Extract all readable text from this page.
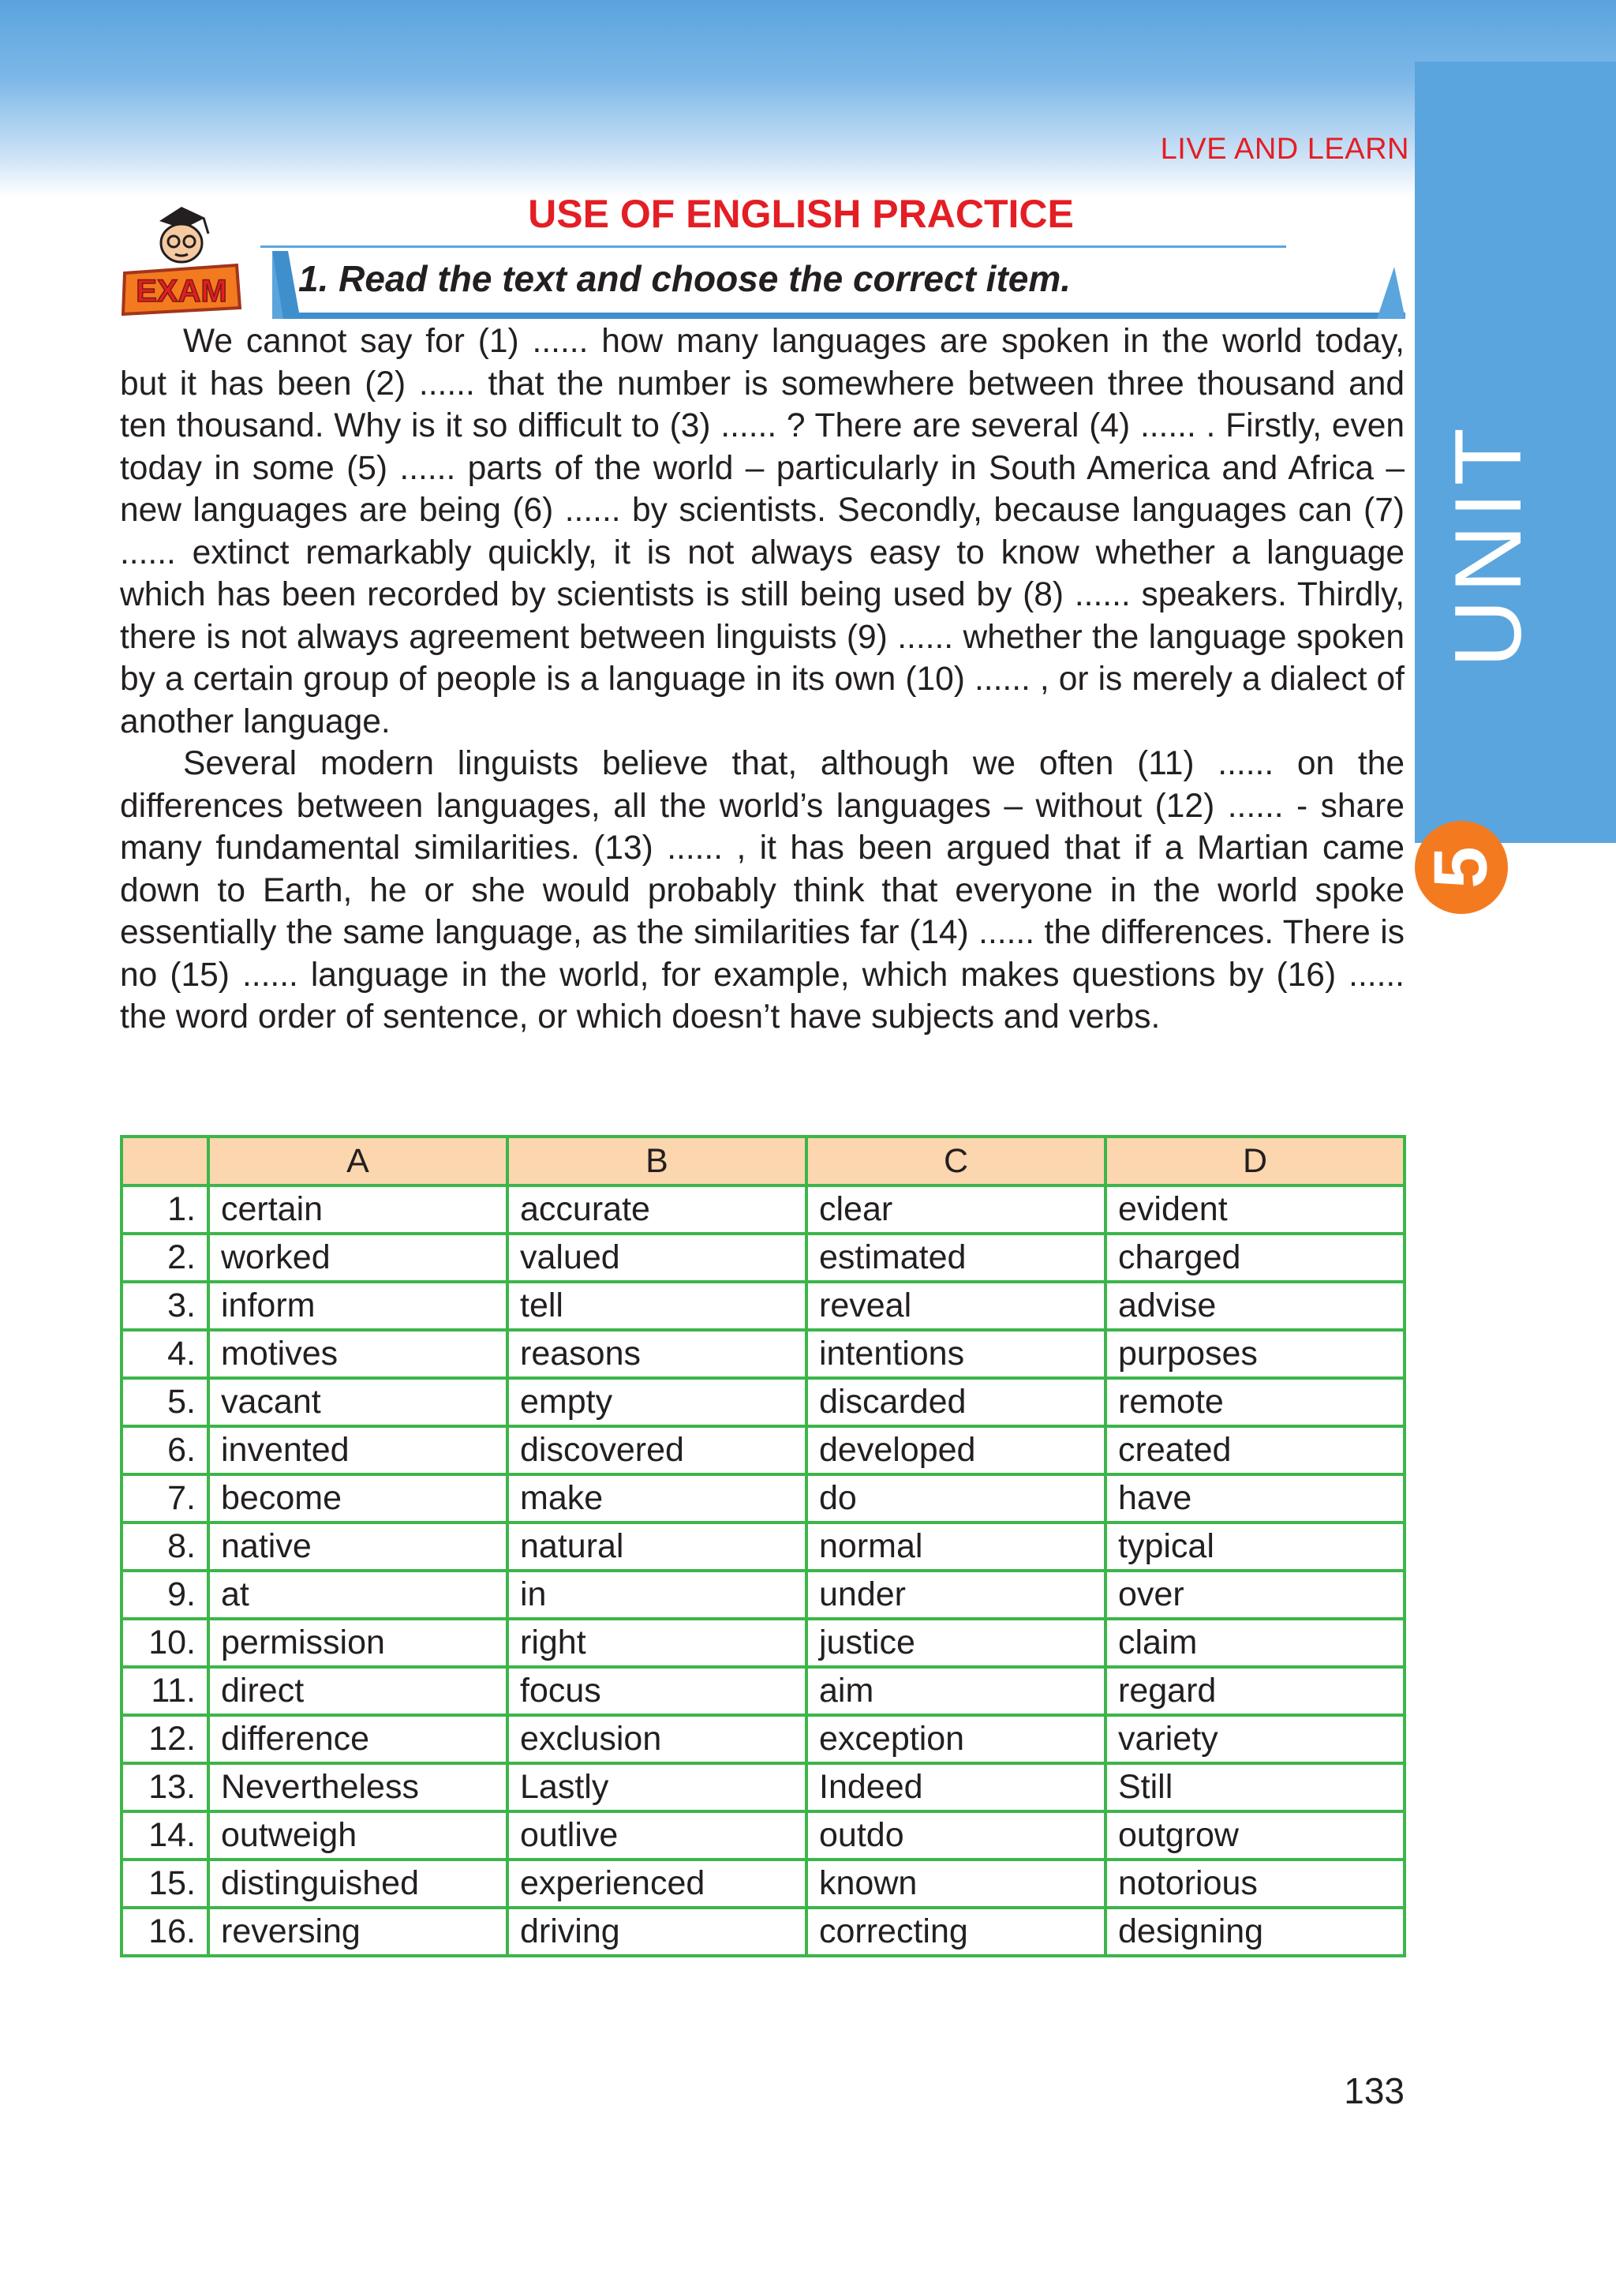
UNIT
5
LIVE AND LEARN
EXAM
USE OF ENGLISH PRACTICE
1. Read the text and choose the correct item.

We cannot say for (1) ...... how many languages are spoken in the world today, but it has been (2) ...... that the number is somewhere between three thousand and ten thousand. Why is it so difficult to (3) ...... ? There are several (4) ...... . Firstly, even today in some (5) ...... parts of the world – particularly in South America and Africa – new languages are being (6) ...... by scientists. Secondly, because languages can (7) ...... extinct remarkably quickly, it is not always easy to know whether a language which has been recorded by scientists is still being used by (8) ...... speakers. Thirdly, there is not always agreement between linguists (9) ...... whether the language spoken by a certain group of people is a language in its own (10) ...... , or is merely a dialect of another language.

Several modern linguists believe that, although we often (11) ...... on the differences between languages, all the world’s languages – without (12) ...... - share many fundamental similarities. (13) ...... , it has been argued that if a Martian came down to Earth, he or she would probably think that everyone in the world spoke essentially the same language, as the similarities far (14) ...... the differences. There is no (15) ...... language in the world, for example, which makes questions by (16) ...... the word order of sentence, or which doesn’t have subjects and verbs.

	A	B	C	D
1.	certain	accurate	clear	evident
2.	worked	valued	estimated	charged
3.	inform	tell	reveal	advise
4.	motives	reasons	intentions	purposes
5.	vacant	empty	discarded	remote
6.	invented	discovered	developed	created
7.	become	make	do	have
8.	native	natural	normal	typical
9.	at	in	under	over
10.	permission	right	justice	claim
11.	direct	focus	aim	regard
12.	difference	exclusion	exception	variety
13.	Nevertheless	Lastly	Indeed	Still
14.	outweigh	outlive	outdo	outgrow
15.	distinguished	experienced	known	notorious
16.	reversing	driving	correcting	designing
133
